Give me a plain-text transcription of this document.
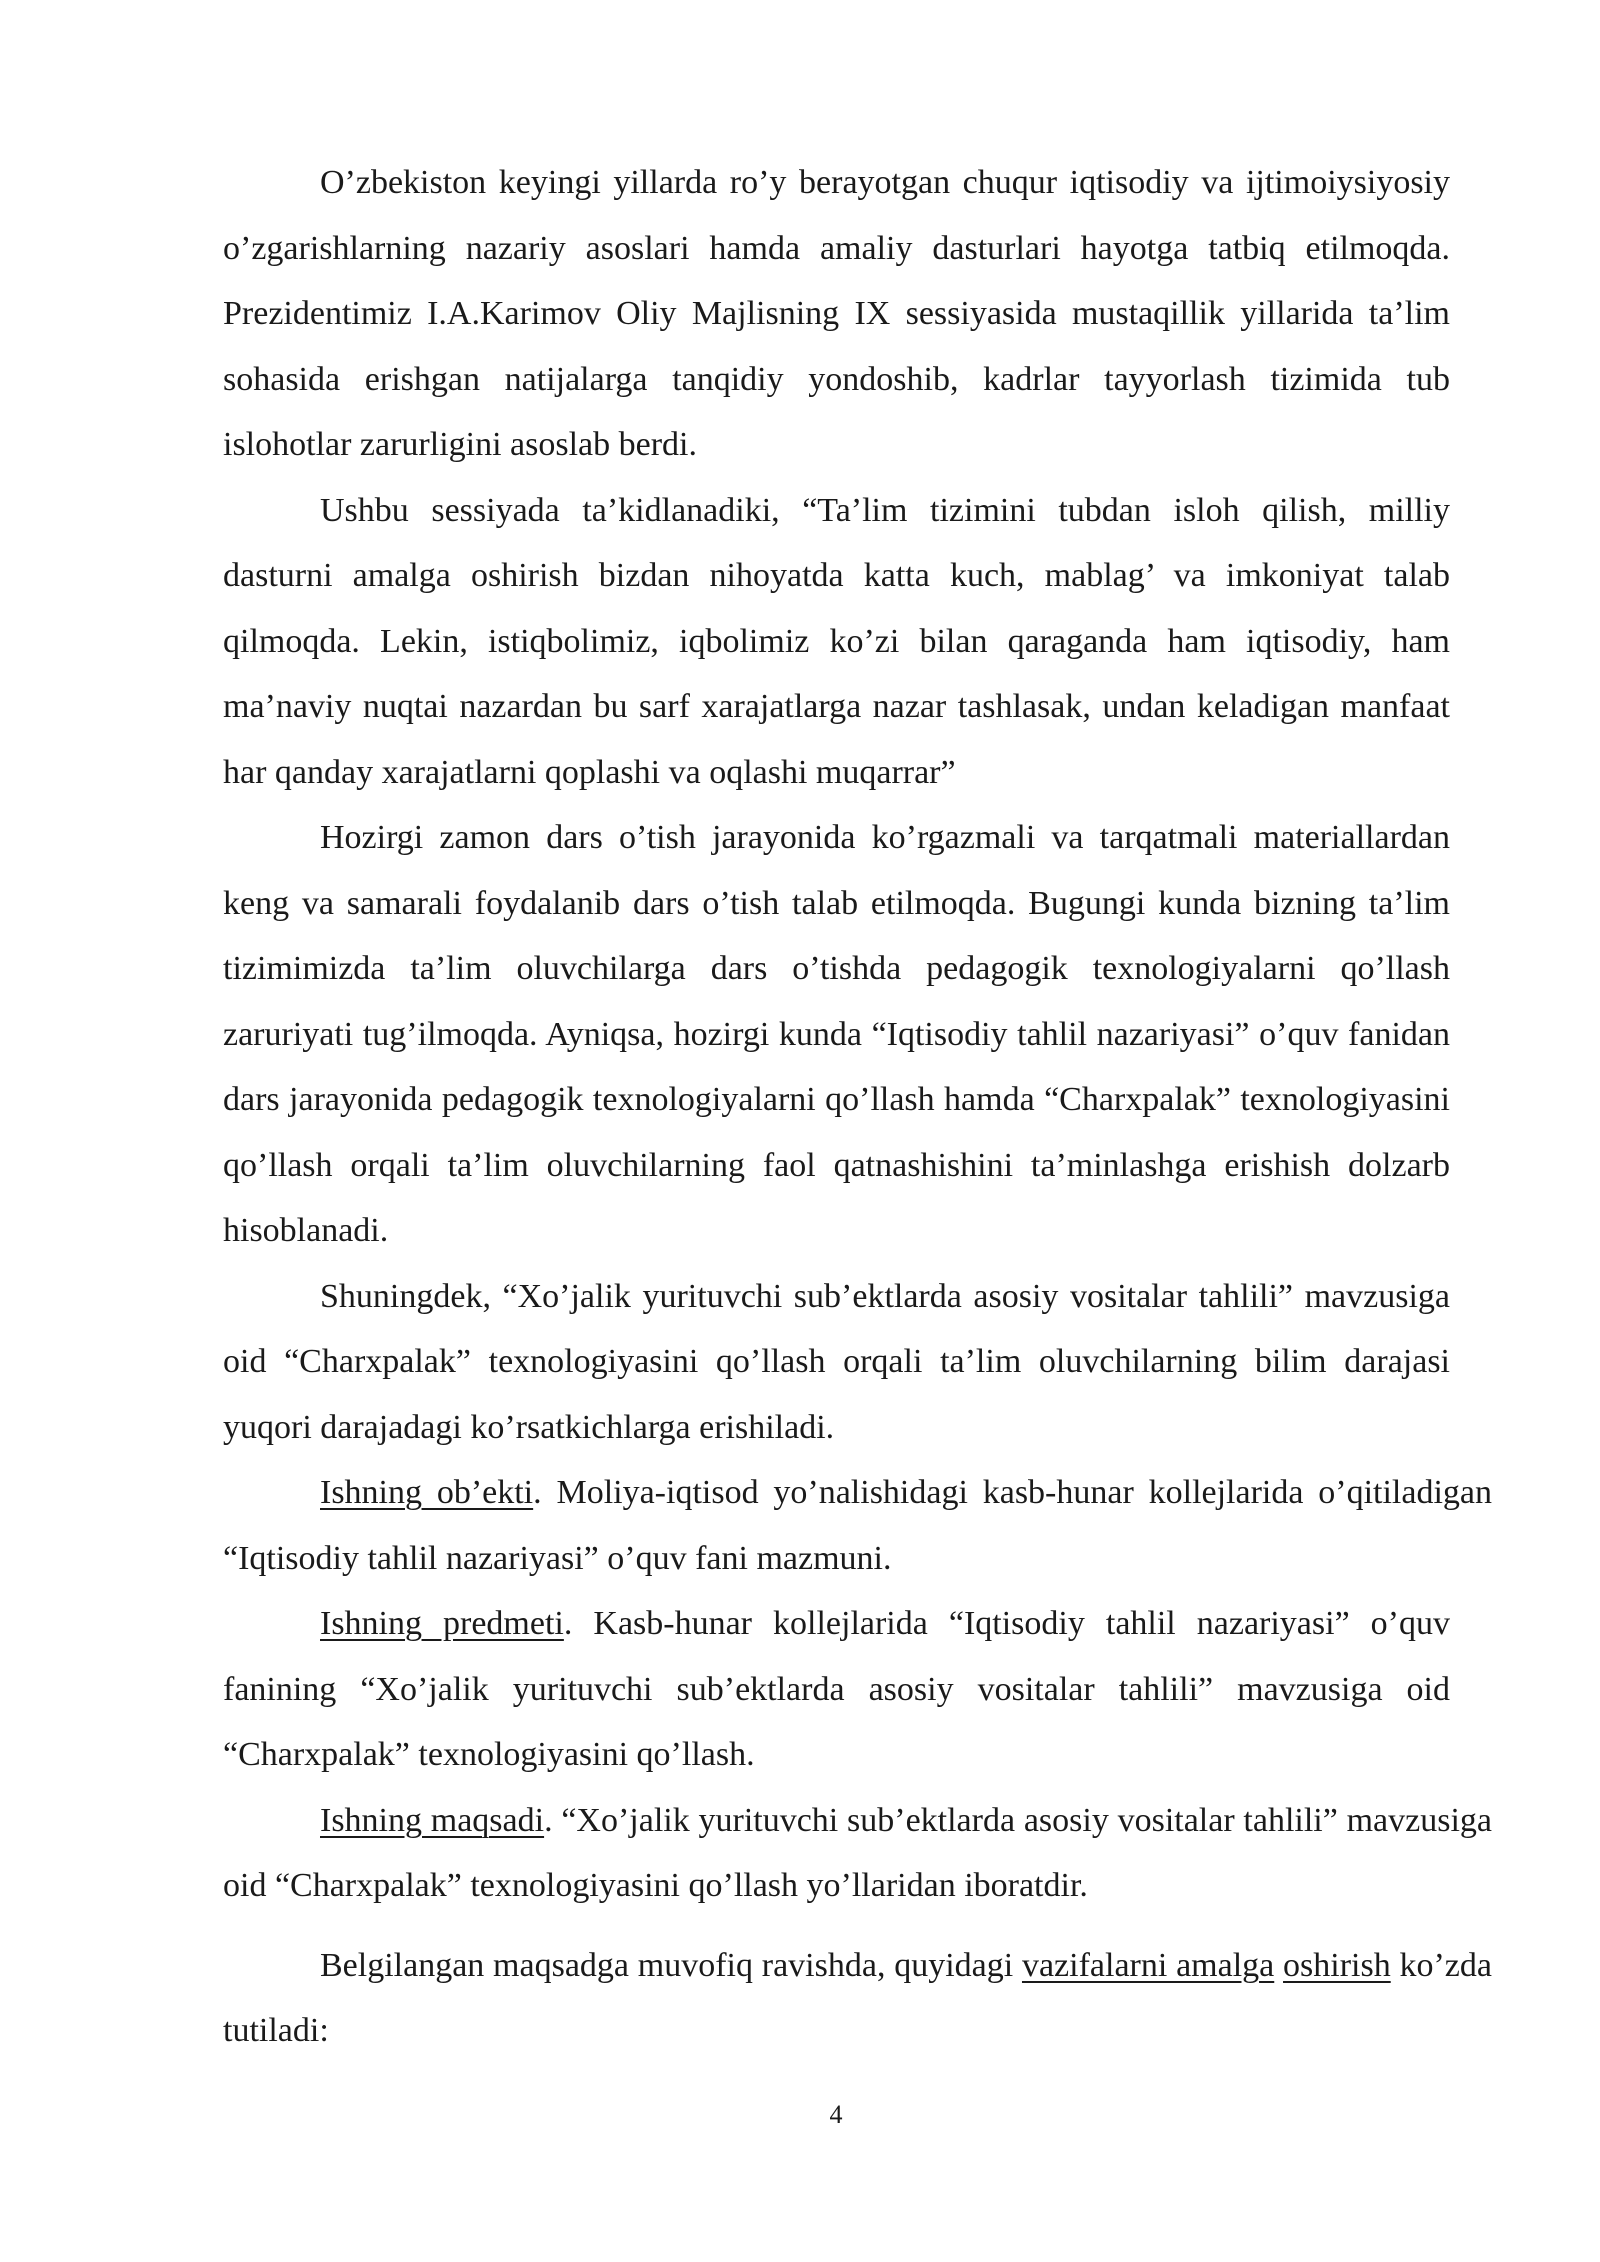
O’zbekiston keyingi yillarda ro’y berayotgan chuqur iqtisodiy va ijtimoiysiyosiy o’zgarishlarning nazariy asoslari hamda amaliy dasturlari hayotga tatbiq etilmoqda. Prezidentimiz I.A.Karimov Oliy Majlisning IX sessiyasida mustaqillik yillarida ta’lim sohasida erishgan natijalarga tanqidiy yondoshib, kadrlar tayyorlash tizimida tub islohotlar zarurligini asoslab berdi.

Ushbu sessiyada ta’kidlanadiki, “Ta’lim tizimini tubdan isloh qilish, milliy dasturni amalga oshirish bizdan nihoyatda katta kuch, mablag’ va imkoniyat talab qilmoqda. Lekin, istiqbolimiz, iqbolimiz ko’zi bilan qaraganda ham iqtisodiy, ham ma’naviy nuqtai nazardan bu sarf xarajatlarga nazar tashlasak, undan keladigan manfaat har qanday xarajatlarni qoplashi va oqlashi muqarrar”

Hozirgi zamon dars o’tish jarayonida ko’rgazmali va tarqatmali materiallardan keng va samarali foydalanib dars o’tish talab etilmoqda. Bugungi kunda bizning ta’lim tizimimizda ta’lim oluvchilarga dars o’tishda pedagogik texnologiyalarni qo’llash zaruriyati tug’ilmoqda. Ayniqsa, hozirgi kunda “Iqtisodiy tahlil nazariyasi” o’quv fanidan dars jarayonida pedagogik texnologiyalarni qo’llash hamda “Charxpalak” texnologiyasini qo’llash orqali ta’lim oluvchilarning faol qatnashishini ta’minlashga erishish dolzarb hisoblanadi.

Shuningdek, “Xo’jalik yurituvchi sub’ektlarda asosiy vositalar tahlili” mavzusiga oid “Charxpalak” texnologiyasini qo’llash orqali ta’lim oluvchilarning bilim darajasi yuqori darajadagi ko’rsatkichlarga erishiladi.

Ishning ob’ekti. Moliya-iqtisod yo’nalishidagi kasb-hunar kollejlarida o’qitiladigan “Iqtisodiy tahlil nazariyasi” o’quv fani mazmuni.

Ishning predmeti. Kasb-hunar kollejlarida “Iqtisodiy tahlil nazariyasi” o’quv fanining “Xo’jalik yurituvchi sub’ektlarda asosiy vositalar tahlili” mavzusiga oid “Charxpalak” texnologiyasini qo’llash.

Ishning maqsadi. “Xo’jalik yurituvchi sub’ektlarda asosiy vositalar tahlili” mavzusiga oid “Charxpalak” texnologiyasini qo’llash yo’llaridan iboratdir.

Belgilangan maqsadga muvofiq ravishda, quyidagi vazifalarni amalga oshirish ko’zda tutiladi:

4
